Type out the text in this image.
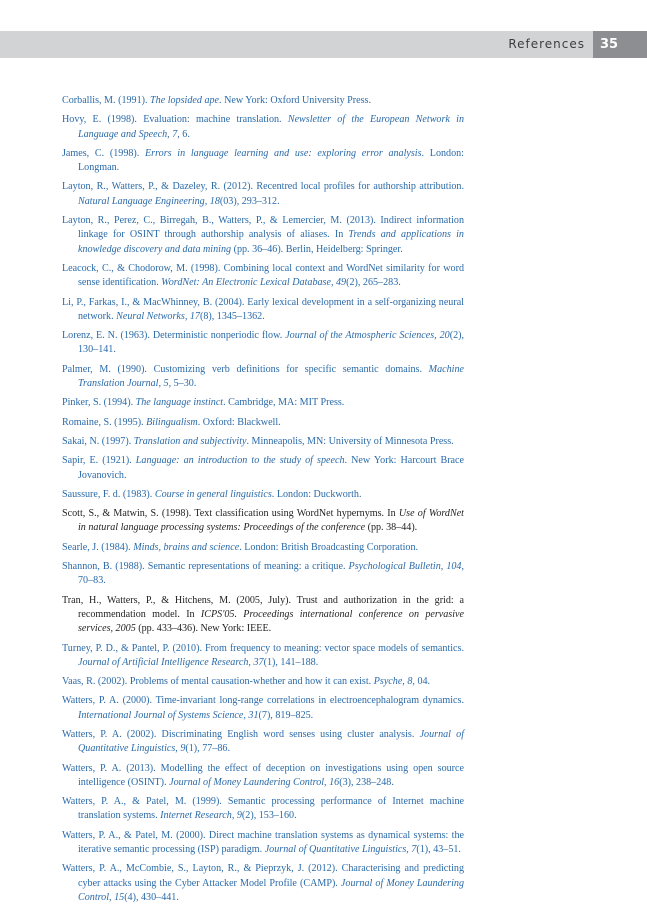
References	35

Corballis, M. (1991). The lopsided ape. New York: Oxford University Press.

Hovy, E. (1998). Evaluation: machine translation. Newsletter of the European Network in Language and Speech, 7, 6.

James, C. (1998). Errors in language learning and use: exploring error analysis. London: Longman.

Layton, R., Watters, P., & Dazeley, R. (2012). Recentred local profiles for authorship attribution. Natural Language Engineering, 18(03), 293–312.

Layton, R., Perez, C., Birregah, B., Watters, P., & Lemercier, M. (2013). Indirect information linkage for OSINT through authorship analysis of aliases. In Trends and applications in knowledge discovery and data mining (pp. 36–46). Berlin, Heidelberg: Springer.

Leacock, C., & Chodorow, M. (1998). Combining local context and WordNet similarity for word sense identification. WordNet: An Electronic Lexical Database, 49(2), 265–283.

Li, P., Farkas, I., & MacWhinney, B. (2004). Early lexical development in a self-organizing neural network. Neural Networks, 17(8), 1345–1362.

Lorenz, E. N. (1963). Deterministic nonperiodic flow. Journal of the Atmospheric Sciences, 20(2), 130–141.

Palmer, M. (1990). Customizing verb definitions for specific semantic domains. Machine Translation Journal, 5, 5–30.

Pinker, S. (1994). The language instinct. Cambridge, MA: MIT Press.

Romaine, S. (1995). Bilingualism. Oxford: Blackwell.

Sakai, N. (1997). Translation and subjectivity. Minneapolis, MN: University of Minnesota Press.

Sapir, E. (1921). Language: an introduction to the study of speech. New York: Harcourt Brace Jovanovich.

Saussure, F. d. (1983). Course in general linguistics. London: Duckworth.

Scott, S., & Matwin, S. (1998). Text classification using WordNet hypernyms. In Use of WordNet in natural language processing systems: Proceedings of the conference (pp. 38–44).

Searle, J. (1984). Minds, brains and science. London: British Broadcasting Corporation.

Shannon, B. (1988). Semantic representations of meaning: a critique. Psychological Bulletin, 104, 70–83.

Tran, H., Watters, P., & Hitchens, M. (2005, July). Trust and authorization in the grid: a recommendation model. In ICPS'05. Proceedings international conference on pervasive services, 2005 (pp. 433–436). New York: IEEE.

Turney, P. D., & Pantel, P. (2010). From frequency to meaning: vector space models of semantics. Journal of Artificial Intelligence Research, 37(1), 141–188.

Vaas, R. (2002). Problems of mental causation-whether and how it can exist. Psyche, 8, 04.

Watters, P. A. (2000). Time-invariant long-range correlations in electroencephalogram dynamics. International Journal of Systems Science, 31(7), 819–825.

Watters, P. A. (2002). Discriminating English word senses using cluster analysis. Journal of Quantitative Linguistics, 9(1), 77–86.

Watters, P. A. (2013). Modelling the effect of deception on investigations using open source intelligence (OSINT). Journal of Money Laundering Control, 16(3), 238–248.

Watters, P. A., & Patel, M. (1999). Semantic processing performance of Internet machine translation systems. Internet Research, 9(2), 153–160.

Watters, P. A., & Patel, M. (2000). Direct machine translation systems as dynamical systems: the iterative semantic processing (ISP) paradigm. Journal of Quantitative Linguistics, 7(1), 43–51.

Watters, P. A., McCombie, S., Layton, R., & Pieprzyk, J. (2012). Characterising and predicting cyber attacks using the Cyber Attacker Model Profile (CAMP). Journal of Money Laundering Control, 15(4), 430–441.
